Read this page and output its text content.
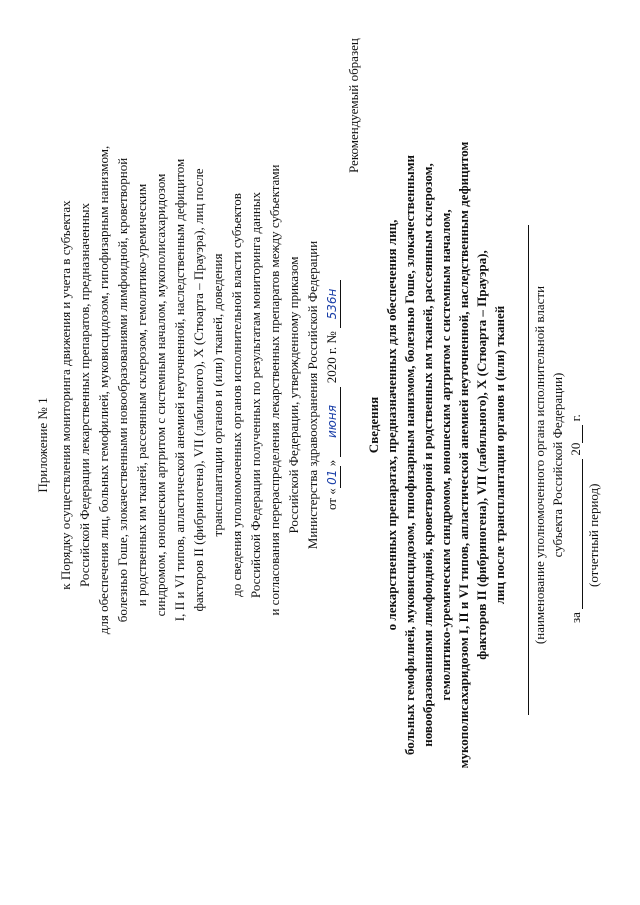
Приложение № 1 к Порядку осуществления мониторинга движения и учета в субъектах Российской Федерации лекарственных препаратов, предназначенных для обеспечения лиц, больных гемофилией, муковисцидозом, гипофизарным нанизмом, болезнью Гоше, злокачественными новообразованиями лимфоидной, кроветворной и родственных им тканей, рассеянным склерозом, гемолитико-уремическим синдромом, юношеским артритом с системным началом, мукополисахаридозом I, II и VI типов, апластической анемией неуточненной, наследственным дефицитом факторов II (фибриногена), VII (лабильного), X (Стюарта – Прауэра), лиц после трансплантации органов и (или) тканей, доведения до сведения уполномоченных органов исполнительной власти субъектов Российской Федерации полученных по результатам мониторинга данных и согласования перераспределения лекарственных препаратов между субъектами Российской Федерации, утвержденному приказом Министерства здравоохранения Российской Федерации от «01» июня 2020 г. № 536н
Рекомендуемый образец
Сведения о лекарственных препаратах, предназначенных для обеспечения лиц, больных гемофилией, муковисцидозом, гипофизарным нанизмом, болезнью Гоше, злокачественными новообразованиями лимфоидной, кроветворной и родственных им тканей, рассеянным склерозом, гемолитико-уремическим синдромом, юношеским артритом с системным началом, мукополисахаридозом I, II и VI типов, апластической анемией неуточненной, наследственным дефицитом факторов II (фибриногена), VII (лабильного), X (Стюарта – Прауэра), лиц после трансплантации органов и (или) тканей (наименование уполномоченного органа исполнительной власти субъекта Российской Федерации)
за  20 г.
(отчетный период)
